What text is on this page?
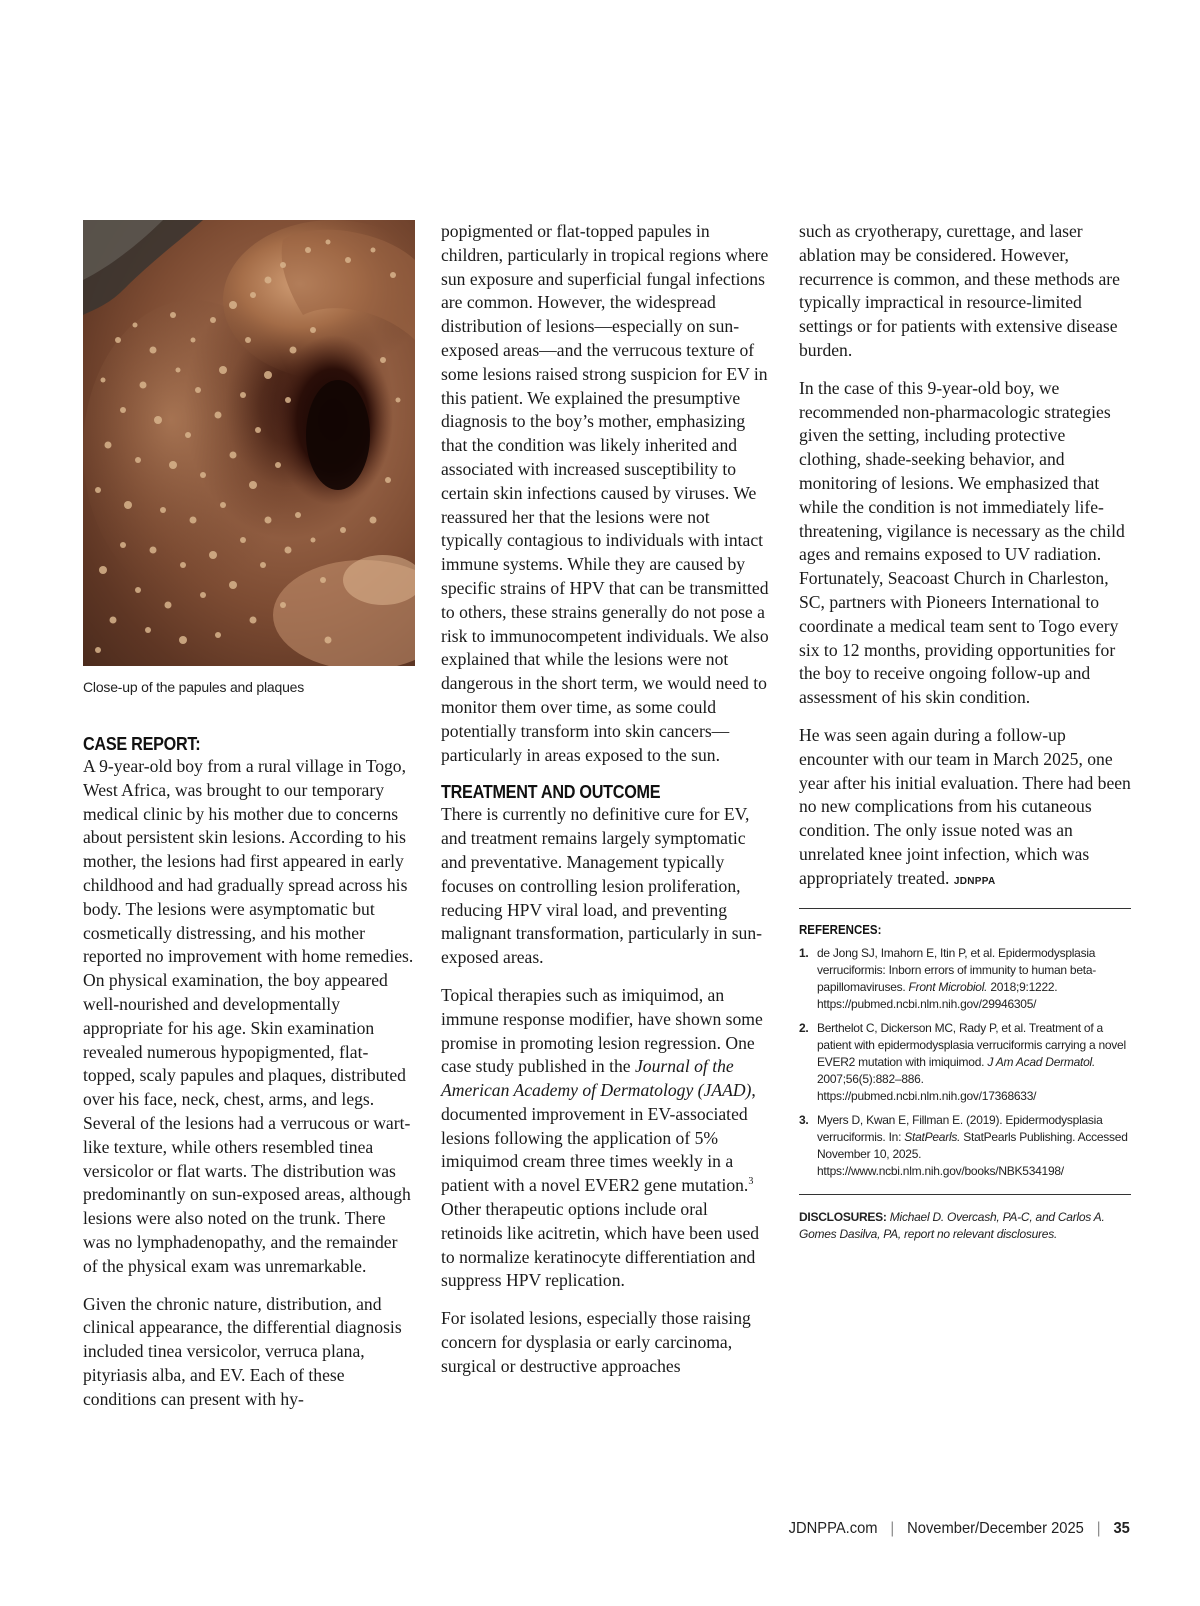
Close-up of the papules and plaques
CASE REPORT:

A 9-year-old boy from a rural village in Togo, West Africa, was brought to our temporary medical clinic by his mother due to concerns about persistent skin lesions. According to his mother, the lesions had first appeared in early childhood and had gradually spread across his body. The lesions were asymptomatic but cosmetically distressing, and his mother reported no improvement with home remedies. On physical examination, the boy appeared well-nourished and developmentally appropriate for his age. Skin examination revealed numerous hypopigmented, flat-topped, scaly papules and plaques, distributed over his face, neck, chest, arms, and legs. Several of the lesions had a verrucous or wart-like texture, while others resembled tinea versicolor or flat warts. The distribution was predominantly on sun-exposed areas, although lesions were also noted on the trunk. There was no lymphadenopathy, and the remainder of the physical exam was unremarkable.

Given the chronic nature, distribution, and clinical appearance, the differential diagnosis included tinea versicolor, verruca plana, pityriasis alba, and EV. Each of these conditions can present with hy-

popigmented or flat-topped papules in children, particularly in tropical regions where sun exposure and superficial fungal infections are common. However, the widespread distribution of lesions—especially on sun-exposed areas—and the verrucous texture of some lesions raised strong suspicion for EV in this patient. We explained the presumptive diagnosis to the boy’s mother, emphasizing that the condition was likely inherited and associated with increased susceptibility to certain skin infections caused by viruses. We reassured her that the lesions were not typically contagious to individuals with intact immune systems. While they are caused by specific strains of HPV that can be transmitted to others, these strains generally do not pose a risk to immunocompetent individuals. We also explained that while the lesions were not dangerous in the short term, we would need to monitor them over time, as some could potentially transform into skin cancers—particularly in areas exposed to the sun.

TREATMENT AND OUTCOME

There is currently no definitive cure for EV, and treatment remains largely symptomatic and preventative. Management typically focuses on controlling lesion proliferation, reducing HPV viral load, and preventing malignant transformation, particularly in sun-exposed areas.

Topical therapies such as imiquimod, an immune response modifier, have shown some promise in promoting lesion regression. One case study published in the Journal of the American Academy of Dermatology (JAAD), documented improvement in EV-associated lesions following the application of 5% imiquimod cream three times weekly in a patient with a novel EVER2 gene mutation.$^3$ Other therapeutic options include oral retinoids like acitretin, which have been used to normalize keratinocyte differentiation and suppress HPV replication.

For isolated lesions, especially those raising concern for dysplasia or early carcinoma, surgical or destructive approaches

such as cryotherapy, curettage, and laser ablation may be considered. However, recurrence is common, and these methods are typically impractical in resource-limited settings or for patients with extensive disease burden.

In the case of this 9-year-old boy, we recommended non-pharmacologic strategies given the setting, including protective clothing, shade-seeking behavior, and monitoring of lesions. We emphasized that while the condition is not immediately life-threatening, vigilance is necessary as the child ages and remains exposed to UV radiation. Fortunately, Seacoast Church in Charleston, SC, partners with Pioneers International to coordinate a medical team sent to Togo every six to 12 months, providing opportunities for the boy to receive ongoing follow-up and assessment of his skin condition.

He was seen again during a follow-up encounter with our team in March 2025, one year after his initial evaluation. There had been no new complications from his cutaneous condition. The only issue noted was an unrelated knee joint infection, which was appropriately treated. JDNPPA

REFERENCES:
1. de Jong SJ, Imahorn E, Itin P, et al. Epidermodysplasia verruciformis: Inborn errors of immunity to human beta-papillomaviruses. Front Microbiol. 2018;9:1222. https://pubmed.ncbi.nlm.nih.gov/29946305/
2. Berthelot C, Dickerson MC, Rady P, et al. Treatment of a patient with epidermodysplasia verruciformis carrying a novel EVER2 mutation with imiquimod. J Am Acad Dermatol. 2007;56(5):882–886. https://pubmed.ncbi.nlm.nih.gov/17368633/
3. Myers D, Kwan E, Fillman E. (2019). Epidermodysplasia verruciformis. In: StatPearls. StatPearls Publishing. Accessed November 10, 2025. https://www.ncbi.nlm.nih.gov/books/NBK534198/

DISCLOSURES: Michael D. Overcash, PA-C, and Carlos A. Gomes Dasilva, PA, report no relevant disclosures.

JDNPPA.com | November/December 2025 | 35
